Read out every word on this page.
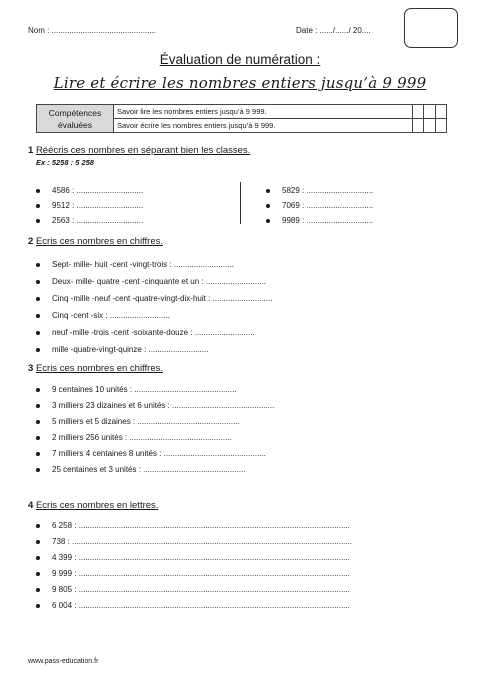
Nom : ...............................................	Date : ....../....../ 20....
Évaluation de numération :
Lire et écrire les nombres entiers jusqu’à 9 999
Compétences évaluées	Savoir lire les nombres entiers jusqu’à 9 999.			
	Savoir écrire les nombres entiers jusqu’à 9 999.			
1 Réécris ces nombres en séparant bien les classes.
Ex : 5258 : 5 258
4586 : ..............................
9512 : ..............................
2563 : ..............................
5829 : ..............................
7069 : ..............................
9989 : ..............................
2 Ecris ces nombres en chiffres.
Sept- mille- huit -cent -vingt-trois : ...........................
Deux- mille- quatre -cent -cinquante et un : ...........................
Cinq -mille -neuf -cent -quatre-vingt-dix-huit : ...........................
Cinq -cent -six : ...........................
neuf -mille -trois -cent -soixante-douze : ...........................
mille -quatre-vingt-quinze : ...........................
3 Ecris ces nombres en chiffres.
9 centaines 10 unités : ..............................................
3 milliers 23 dizaines et 6 unités : ..............................................
5 milliers et 5 dizaines : ..............................................
2 milliers 256 unités : ..............................................
7 milliers 4 centaines 8 unités : ..............................................
25 centaines et 3 unités : ..............................................
4 Ecris ces nombres en lettres.
6 258 : ..........................................................................................................................
738 : ..............................................................................................................................
4 399 : ..........................................................................................................................
9 999 : ..........................................................................................................................
9 805 : ..........................................................................................................................
6 004 : ..........................................................................................................................
www.pass-education.fr
